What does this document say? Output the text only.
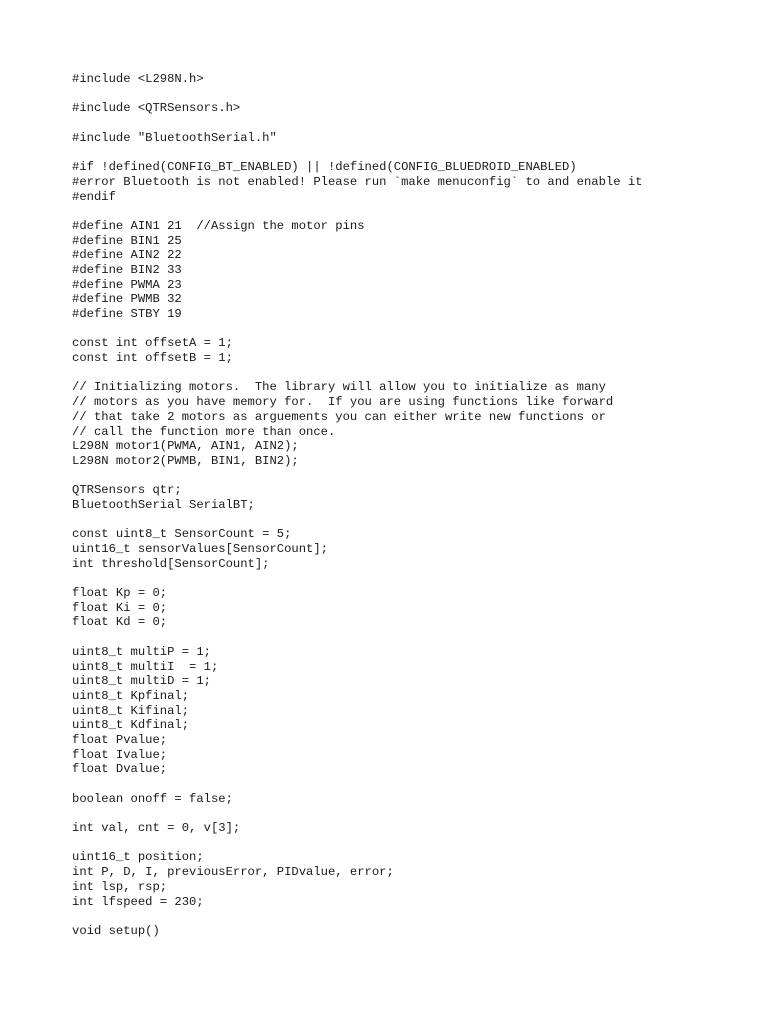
#include <L298N.h>
#include <QTRSensors.h>
#include "BluetoothSerial.h"
#if !defined(CONFIG_BT_ENABLED) || !defined(CONFIG_BLUEDROID_ENABLED)
#error Bluetooth is not enabled! Please run `make menuconfig` to and enable it
#endif
#define AIN1 21  //Assign the motor pins
#define BIN1 25
#define AIN2 22
#define BIN2 33
#define PWMA 23
#define PWMB 32
#define STBY 19
const int offsetA = 1;
const int offsetB = 1;
// Initializing motors.  The library will allow you to initialize as many
// motors as you have memory for.  If you are using functions like forward
// that take 2 motors as arguements you can either write new functions or
// call the function more than once.
L298N motor1(PWMA, AIN1, AIN2);
L298N motor2(PWMB, BIN1, BIN2);
QTRSensors qtr;
BluetoothSerial SerialBT;
const uint8_t SensorCount = 5;
uint16_t sensorValues[SensorCount];
int threshold[SensorCount];
float Kp = 0;
float Ki = 0;
float Kd = 0;
uint8_t multiP = 1;
uint8_t multiI  = 1;
uint8_t multiD = 1;
uint8_t Kpfinal;
uint8_t Kifinal;
uint8_t Kdfinal;
float Pvalue;
float Ivalue;
float Dvalue;
boolean onoff = false;
int val, cnt = 0, v[3];
uint16_t position;
int P, D, I, previousError, PIDvalue, error;
int lsp, rsp;
int lfspeed = 230;
void setup()
